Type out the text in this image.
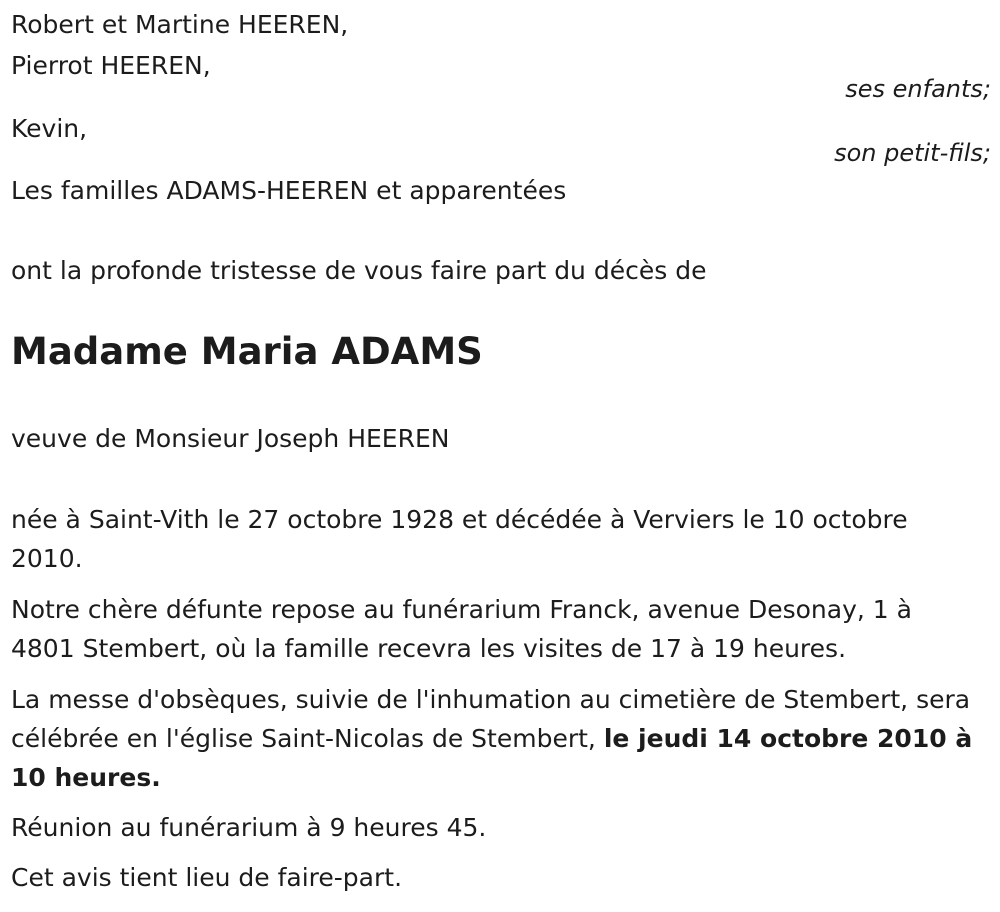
Robert et Martine HEEREN,
Pierrot HEEREN,
ses enfants;
Kevin,
son petit-fils;
Les familles ADAMS-HEEREN et apparentées
ont la profonde tristesse de vous faire part du décès de
Madame Maria ADAMS
veuve de Monsieur Joseph HEEREN
née à Saint-Vith le 27 octobre 1928 et décédée à Verviers le 10 octobre 2010.
Notre chère défunte repose au funérarium Franck, avenue Desonay, 1 à 4801 Stembert, où la famille recevra les visites de 17 à 19 heures.
La messe d'obsèques, suivie de l'inhumation au cimetière de Stembert, sera célébrée en l'église Saint-Nicolas de Stembert, le jeudi 14 octobre 2010 à 10 heures.
Réunion au funérarium à 9 heures 45.
Cet avis tient lieu de faire-part.
